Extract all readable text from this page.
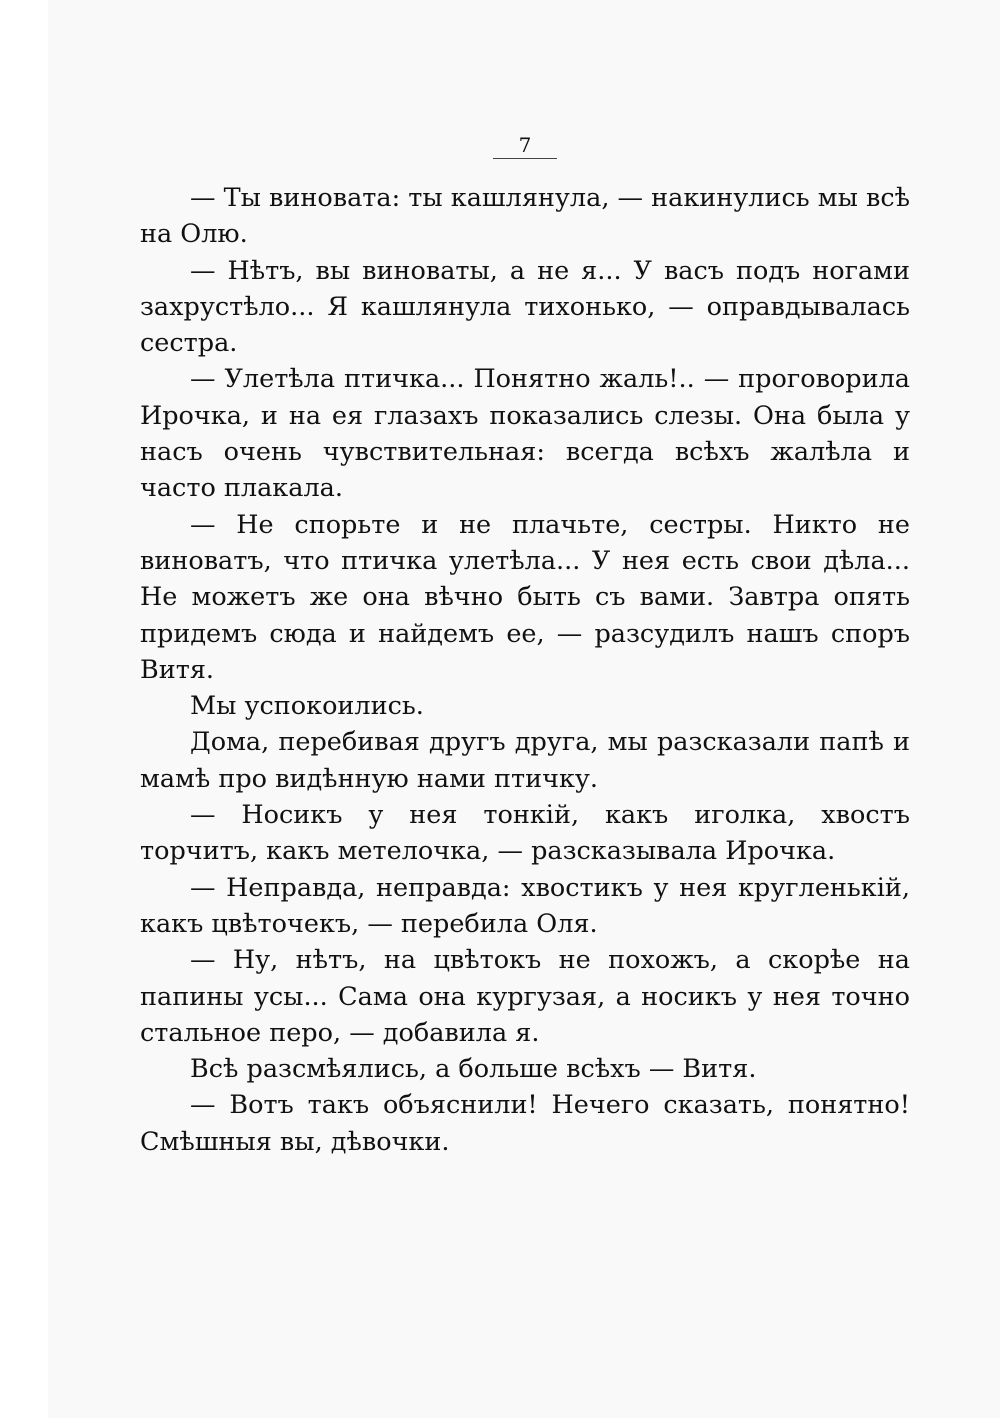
7

— Ты виновата: ты кашлянула, — накинулись мы всѣ на Олю.

— Нѣтъ, вы виноваты, а не я... У васъ подъ ногами захрустѣло... Я кашлянула тихонько, — оправдывалась сестра.

— Улетѣла птичка... Понятно жаль!.. — проговорила Ирочка, и на ея глазахъ показались слезы. Она была у насъ очень чувствительная: всегда всѣхъ жалѣла и часто плакала.

— Не спорьте и не плачьте, сестры. Никто не виноватъ, что птичка улетѣла... У нея есть свои дѣла... Не можетъ же она вѣчно быть съ вами. Завтра опять придемъ сюда и найдемъ ее, — разсудилъ нашъ споръ Витя.

Мы успокоились.

Дома, перебивая другъ друга, мы разсказали папѣ и мамѣ про видѣнную нами птичку.

— Носикъ у нея тонкій, какъ иголка, хвостъ торчитъ, какъ метелочка, — разсказывала Ирочка.

— Неправда, неправда: хвостикъ у нея кругленькій, какъ цвѣточекъ, — перебила Оля.

— Ну, нѣтъ, на цвѣтокъ не похожъ, а скорѣе на папины усы... Сама она кургузая, а носикъ у нея точно стальное перо, — добавила я.

Всѣ разсмѣялись, а больше всѣхъ — Витя.

— Вотъ такъ объяснили! Нечего сказать, понятно! Смѣшныя вы, дѣвочки.
